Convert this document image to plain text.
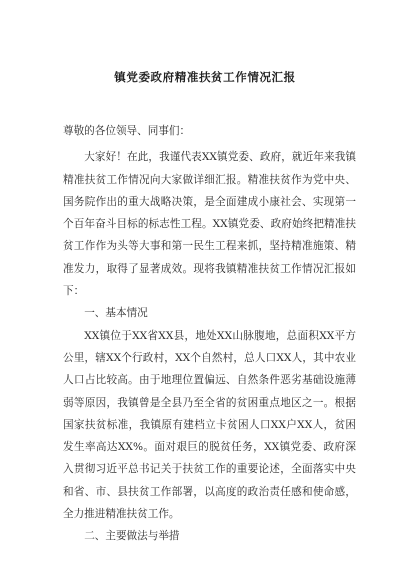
镇党委政府精准扶贫工作情况汇报

尊敬的各位领导、同事们：

大家好！在此，我谨代表XX镇党委、政府，就近年来我镇精准扶贫工作情况向大家做详细汇报。精准扶贫作为党中央、国务院作出的重大战略决策，是全面建成小康社会、实现第一个百年奋斗目标的标志性工程。XX镇党委、政府始终把精准扶贫工作作为头等大事和第一民生工程来抓，坚持精准施策、精准发力，取得了显著成效。现将我镇精准扶贫工作情况汇报如下：

一、基本情况

XX镇位于XX省XX县，地处XX山脉腹地，总面积XX平方公里，辖XX个行政村，XX个自然村，总人口XX人，其中农业人口占比较高。由于地理位置偏远、自然条件恶劣基础设施薄弱等原因，我镇曾是全县乃至全省的贫困重点地区之一。根据国家扶贫标准，我镇原有建档立卡贫困人口XX户XX人，贫困发生率高达XX%。面对艰巨的脱贫任务，XX镇党委、政府深入贯彻习近平总书记关于扶贫工作的重要论述，全面落实中央和省、市、县扶贫工作部署，以高度的政治责任感和使命感，全力推进精准扶贫工作。

二、主要做法与举措
